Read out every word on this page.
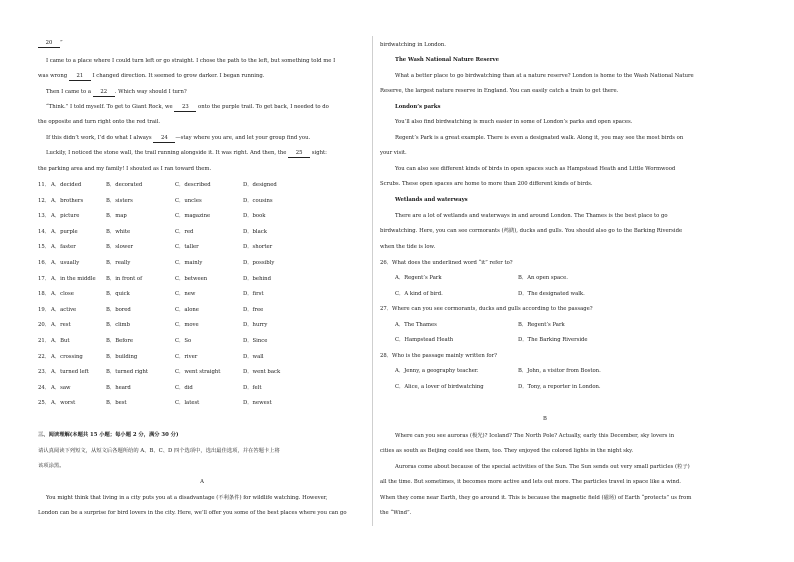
20 ”
I came to a place where I could turn left or go straight. I chose the path to the left, but something told me I
was wrong 21 I changed direction. It seemed to grow darker. I began running.
Then I came to a 22 . Which way should I turn?
“Think.” I told myself. To get to Giant Rock, we 23 onto the purple trail. To get back, I needed to do
the opposite and turn right onto the red trail.
If this didn’t work, I’d do what I always 24 —stay where you are, and let your group find you.
Luckily, I noticed the stone wall, the trail running alongside it. It was right. And then, the 25 sight:
the parking area and my family! I shouted as I ran toward them.
11． A．decided	B．decorated	C．described	D．designed
12． A．brothers	B．sisters	C．uncles	D．cousins
13． A．picture	B．map	C．magazine	D．book
14． A．purple	B．white	C．red	D．black
15． A．faster	B．slower	C．taller	D．shorter
16． A．usually	B．really	C．mainly	D．possibly
17． A．in the middle B．in front of	C．between	D．behind
18． A．close	B．quick	C．new	D．first
19． A．active	B．bored	C．alone	D．free
20． A．rest	B．climb	C．move	D．hurry
21． A．But	B．Before	C．So	D．Since
22． A．crossing	B．building	C．river	D．wall
23． A．turned left	B．turned right	C．went straight	D．went back
24． A．saw	B．heard	C．did	D．felt
25． A．worst	B．best	C．latest	D．newest
三、阅读理解(本题共 15 小题；每小题 2 分，满分 30 分)
请认真阅读下列短文，从短文后各题所给的 A、B、C、D 四个选项中，选出最佳选项，并在答题卡上将
该项涂黑。
A
You might think that living in a city puts you at a disadvantage (不利条件) for wildlife watching. However,
London can be a surprise for bird lovers in the city. Here, we’ll offer you some of the best places where you can go
birdwatching in London.
The Wash National Nature Reserve
What a better place to go birdwatching than at a nature reserve? London is home to the Wash National Nature
Reserve, the largest nature reserve in England. You can easily catch a train to get there.
London’s parks
You’ll also find birdwatching is much easier in some of London’s parks and open spaces.
Regent’s Park is a great example. There is even a designated walk. Along it, you may see the most birds on
your visit.
You can also see different kinds of birds in open spaces such as Hampstead Heath and Little Wormwood
Scrubs. These open spaces are home to more than 200 different kinds of birds.
Wetlands and waterways
There are a lot of wetlands and waterways in and around London. The Thames is the best place to go
birdwatching. Here, you can see cormorants (鸬鹚), ducks and gulls. You should also go to the Barking Riverside
when the tide is low.
26．What does the underlined word “it” refer to?
A．Regent’s Park	B．An open space.
C．A kind of bird.	D．The designated walk.
27．Where can you see cormorants, ducks and gulls according to the passage?
A．The Thames	B．Regent’s Park
C．Hampstead Heath	D．The Barking Riverside
28．Who is the passage mainly written for?
A．Jenny, a geography teacher.	B．John, a visitor from Boston.
C．Alice, a lover of birdwatching	D．Tony, a reporter in London.
B
Where can you see auroras (极光)? Iceland? The North Pole? Actually, early this December, sky lovers in
cities as south as Beijing could see them, too. They enjoyed the colored lights in the night sky.
Auroras come about because of the special activities of the Sun. The Sun sends out very small particles (粒子)
all the time. But sometimes, it becomes more active and lets out more. The particles travel in space like a wind.
When they come near Earth, they go around it. This is because the magnetic field (磁场) of Earth “protects” us from
the “Wind”.
